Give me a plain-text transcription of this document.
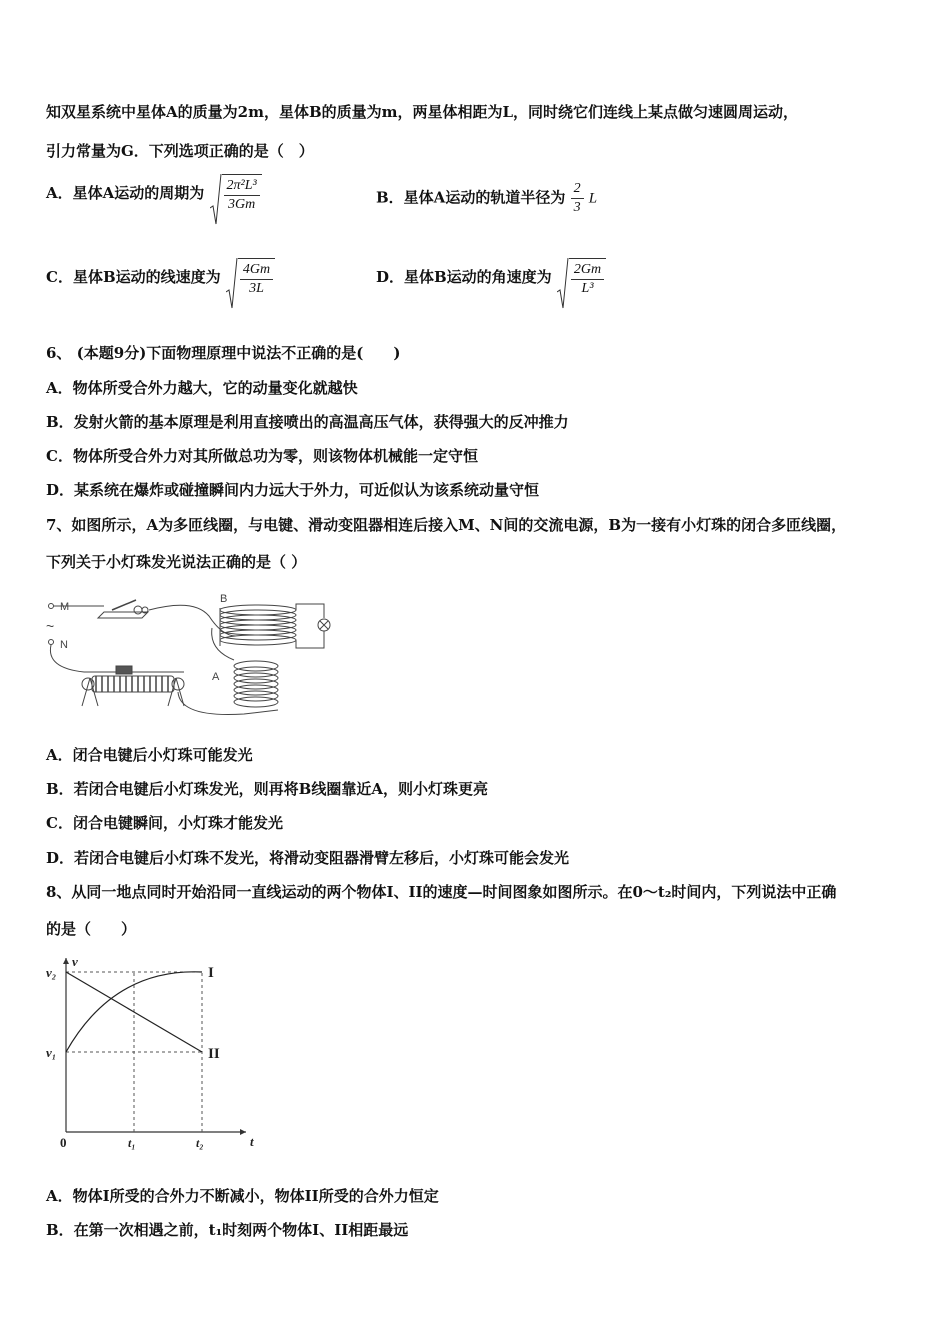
知双星系统中星体A的质量为2m，星体B的质量为m，两星体相距为L，同时绕它们连线上某点做匀速圆周运动，
引力常量为G．下列选项正确的是（　）
A．星体A运动的周期为 $\frac{\text{2π²L³}}{3Gm}$	B．星体A运动的轨道半径为 $\frac{2}{3}$ L
C．星体B运动的线速度为 $\frac{4Gm}{3L}$	D．星体B运动的角速度为 $\frac{2Gm}{\text{L³}}$
6、 (本题9分)下面物理原理中说法不正确的是(　　)
A．物体所受合外力越大，它的动量变化就越快
B．发射火箭的基本原理是利用直接喷出的高温高压气体，获得强大的反冲推力
C．物体所受合外力对其所做总功为零，则该物体机械能一定守恒
D．某系统在爆炸或碰撞瞬间内力远大于外力，可近似认为该系统动量守恒
7、如图所示，A为多匝线圈，与电键、滑动变阻器相连后接入M、N间的交流电源，B为一接有小灯珠的闭合多匝线圈，
下列关于小灯珠发光说法正确的是（ ）
M
~
N
B
A
A．闭合电键后小灯珠可能发光
B．若闭合电键后小灯珠发光，则再将B线圈靠近A，则小灯珠更亮
C．闭合电键瞬间，小灯珠才能发光
D．若闭合电键后小灯珠不发光，将滑动变阻器滑臂左移后，小灯珠可能会发光
8、从同一地点同时开始沿同一直线运动的两个物体I、II的速度—时间图象如图所示。在0～t₂时间内，下列说法中正确
的是（　　）
v
t
0
v₂
v₁
t₁	t₂
I
II
A．物体I所受的合外力不断减小，物体II所受的合外力恒定
B．在第一次相遇之前，t₁时刻两个物体I、II相距最远
